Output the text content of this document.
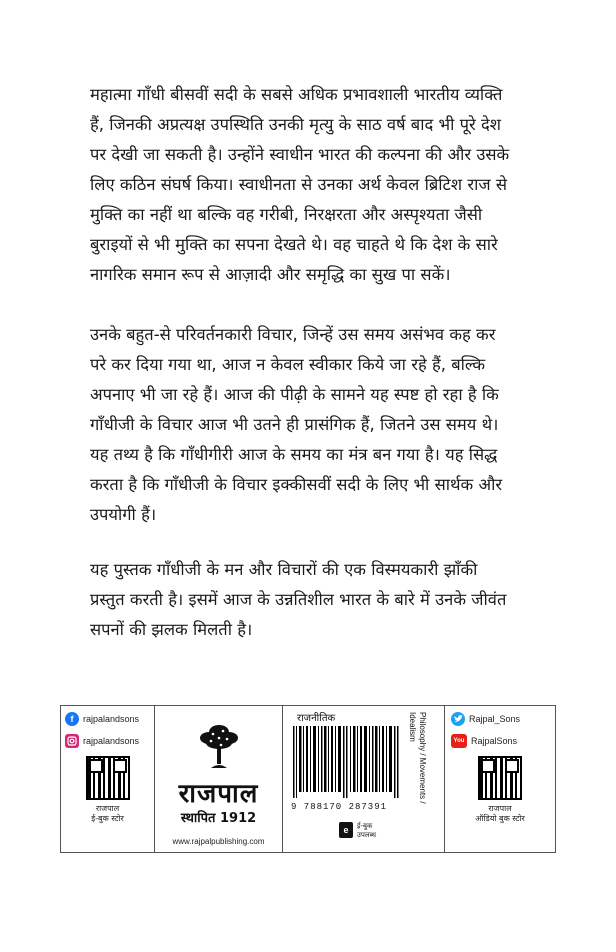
महात्मा गाँधी बीसवीं सदी के सबसे अधिक प्रभावशाली भारतीय व्यक्ति
हैं, जिनकी अप्रत्यक्ष उपस्थिति उनकी मृत्यु के साठ वर्ष बाद भी पूरे देश
पर देखी जा सकती है। उन्होंने स्वाधीन भारत की कल्पना की और उसके
लिए कठिन संघर्ष किया। स्वाधीनता से उनका अर्थ केवल ब्रिटिश राज से
मुक्ति का नहीं था बल्कि वह गरीबी, निरक्षरता और अस्पृश्यता जैसी
बुराइयों से भी मुक्ति का सपना देखते थे। वह चाहते थे कि देश के सारे
नागरिक समान रूप से आज़ादी और समृद्धि का सुख पा सकें।
उनके बहुत-से परिवर्तनकारी विचार, जिन्हें उस समय असंभव कह कर
परे कर दिया गया था, आज न केवल स्वीकार किये जा रहे हैं, बल्कि
अपनाए भी जा रहे हैं। आज की पीढ़ी के सामने यह स्पष्ट हो रहा है कि
गाँधीजी के विचार आज भी उतने ही प्रासंगिक हैं, जितने उस समय थे।
यह तथ्य है कि गाँधीगीरी आज के समय का मंत्र बन गया है। यह सिद्ध
करता है कि गाँधीजी के विचार इक्कीसवीं सदी के लिए भी सार्थक और
उपयोगी हैं।
यह पुस्तक गाँधीजी के मन और विचारों की एक विस्मयकारी झाँकी
प्रस्तुत करती है। इसमें आज के उन्नतिशील भारत के बारे में उनके जीवंत
सपनों की झलक मिलती है।
f	rajpalandsons
rajpalandsons
राजपाल
ई-बुक स्टोर
राजपाल
स्थापित 1912
www.rajpalpublishing.com
राजनीतिक
9 788170 287391
Philosophy / Movements /
Idealism
e	ई-बुक
उपलब्ध
Rajpal_Sons
You RajpalSons
राजपाल
ऑडियो बुक स्टोर
